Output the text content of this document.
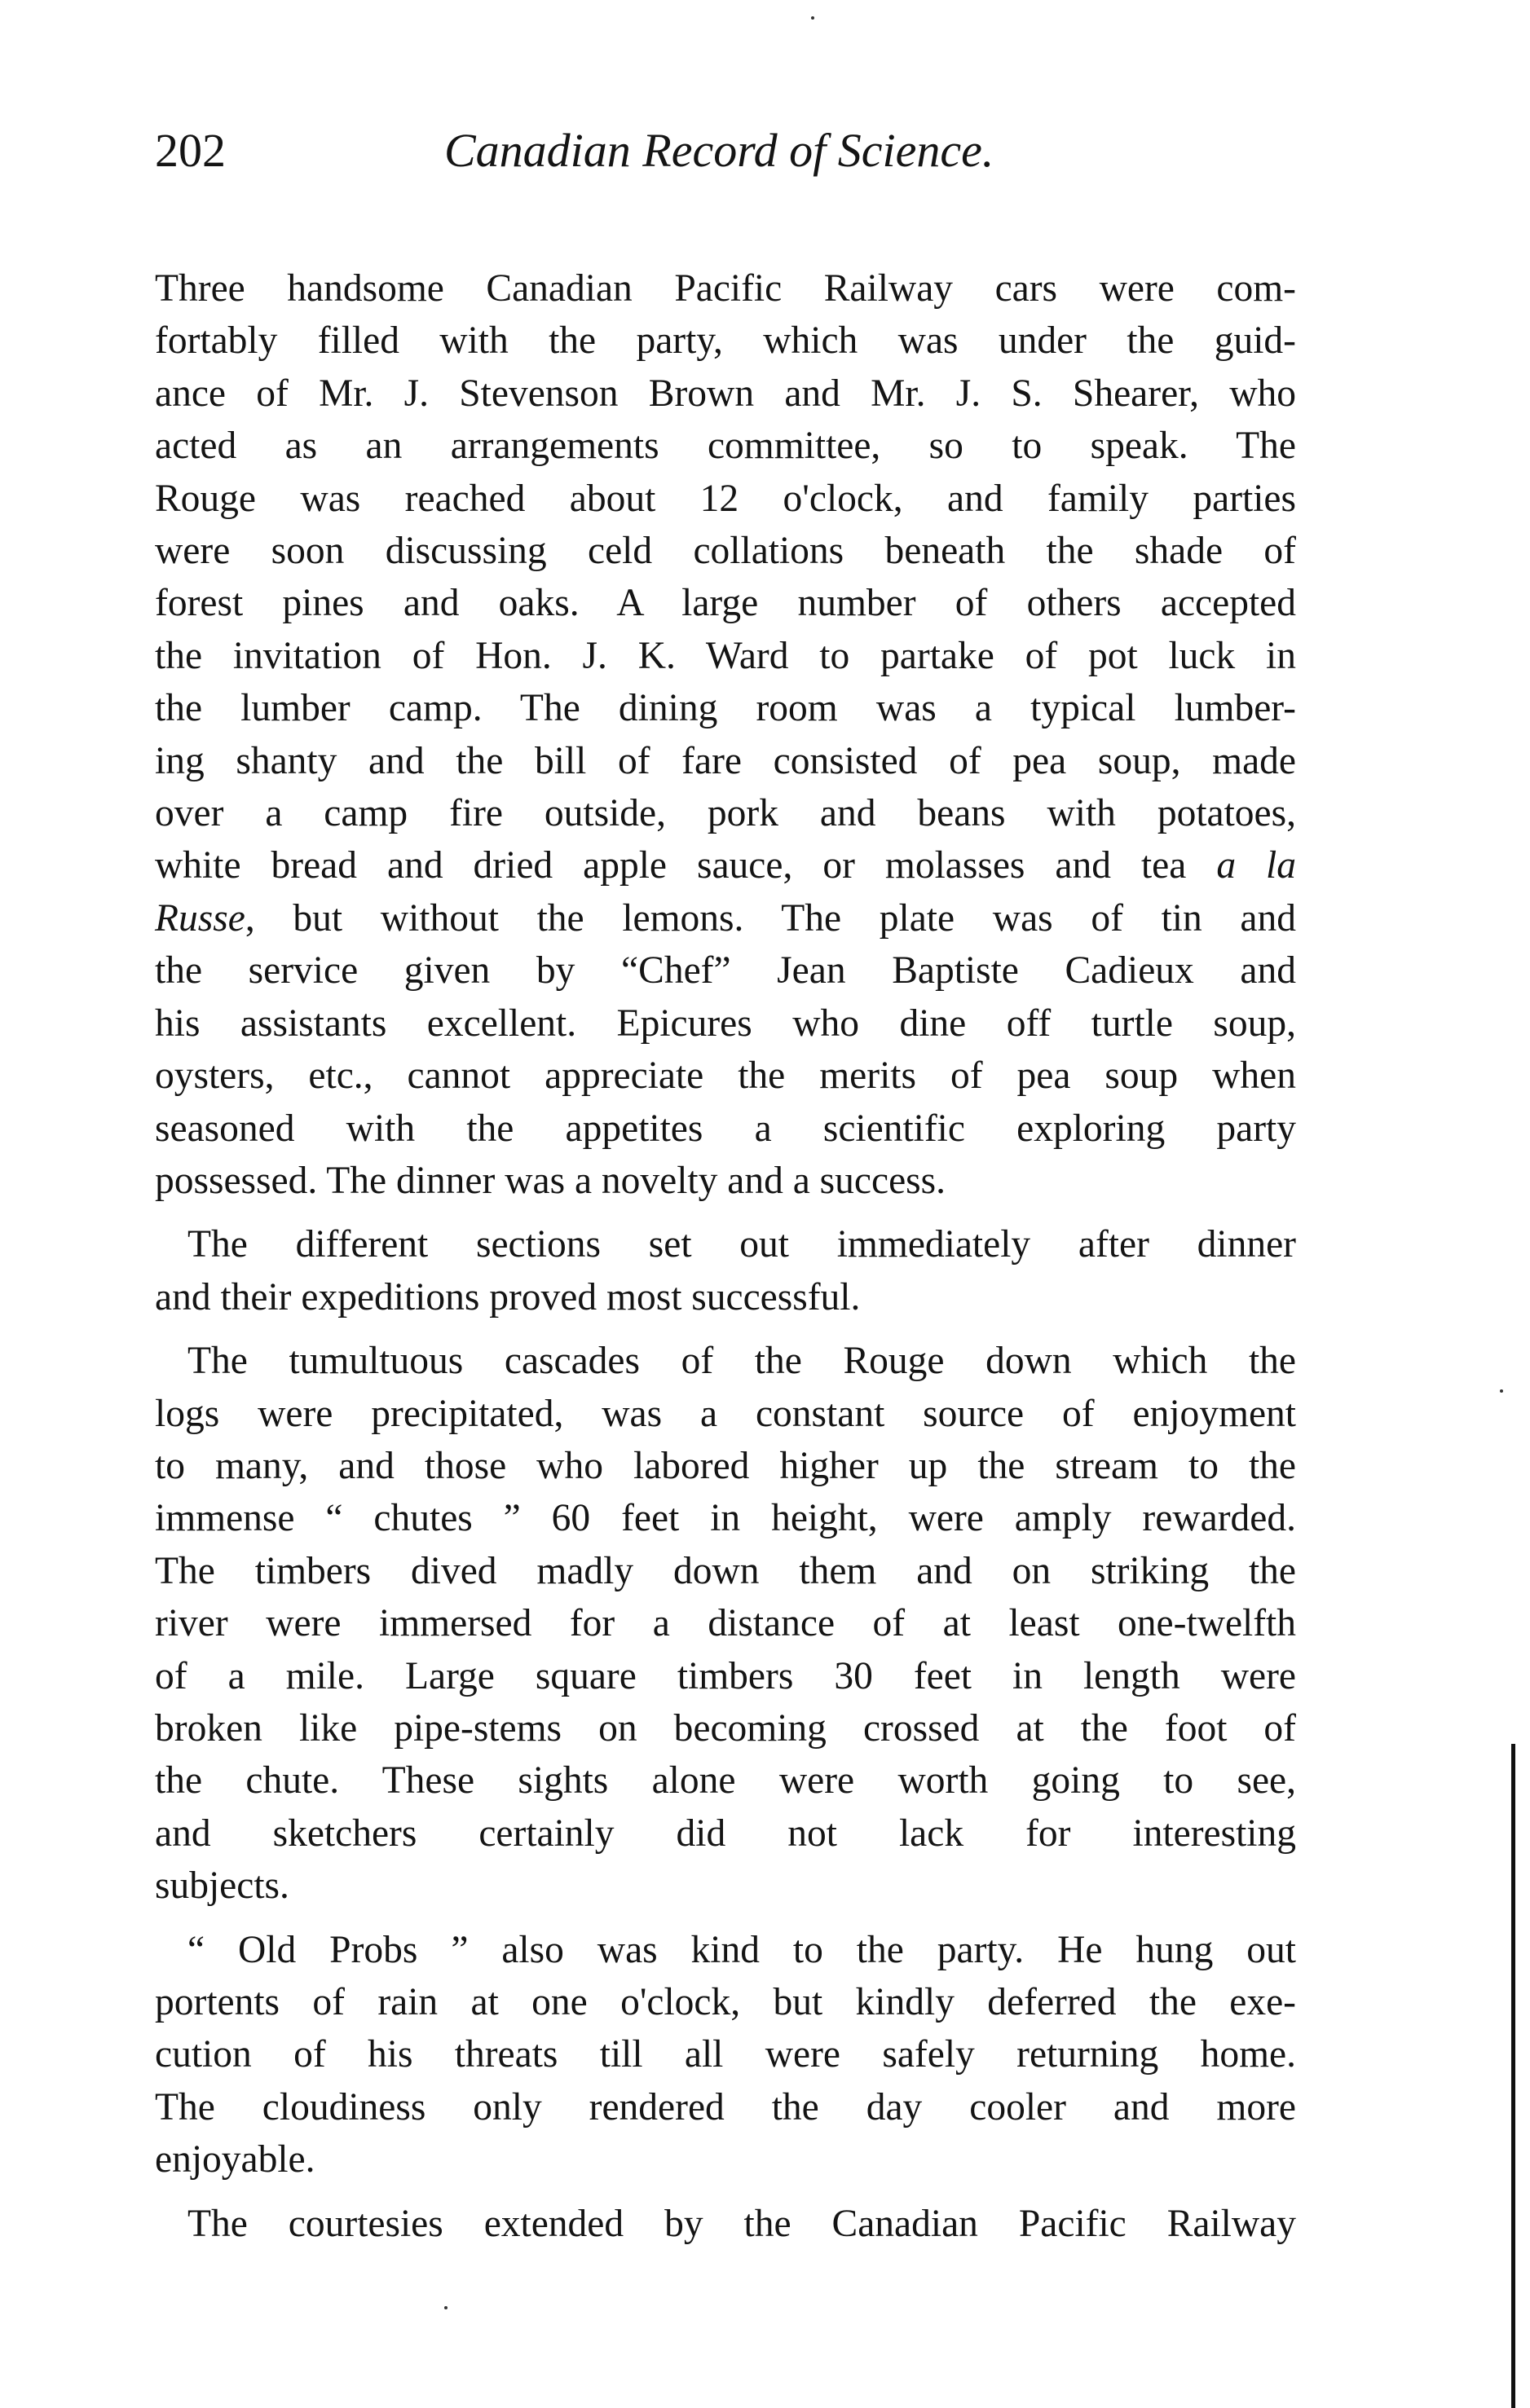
202	Canadian Record of Science.

Three handsome Canadian Pacific Railway cars were com-
fortably filled with the party, which was under the guid-
ance of Mr. J. Stevenson Brown and Mr. J. S. Shearer, who
acted as an arrangements committee, so to speak. The
Rouge was reached about 12 o'clock, and family parties
were soon discussing celd collations beneath the shade of
forest pines and oaks. A large number of others accepted
the invitation of Hon. J. K. Ward to partake of pot luck in
the lumber camp. The dining room was a typical lumber-
ing shanty and the bill of fare consisted of pea soup, made
over a camp fire outside, pork and beans with potatoes,
white bread and dried apple sauce, or molasses and tea a la
Russe, but without the lemons. The plate was of tin and
the service given by “Chef” Jean Baptiste Cadieux and
his assistants excellent. Epicures who dine off turtle soup,
oysters, etc., cannot appreciate the merits of pea soup when
seasoned with the appetites a scientific exploring party
possessed. The dinner was a novelty and a success.

The different sections set out immediately after dinner
and their expeditions proved most successful.

The tumultuous cascades of the Rouge down which the
logs were precipitated, was a constant source of enjoyment
to many, and those who labored higher up the stream to the
immense “ chutes ” 60 feet in height, were amply rewarded.
The timbers dived madly down them and on striking the
river were immersed for a distance of at least one-twelfth
of a mile. Large square timbers 30 feet in length were
broken like pipe-stems on becoming crossed at the foot of
the chute. These sights alone were worth going to see,
and sketchers certainly did not lack for interesting
subjects.

“ Old Probs ” also was kind to the party. He hung out
portents of rain at one o'clock, but kindly deferred the exe-
cution of his threats till all were safely returning home.
The cloudiness only rendered the day cooler and more
enjoyable.

The courtesies extended by the Canadian Pacific Railway
